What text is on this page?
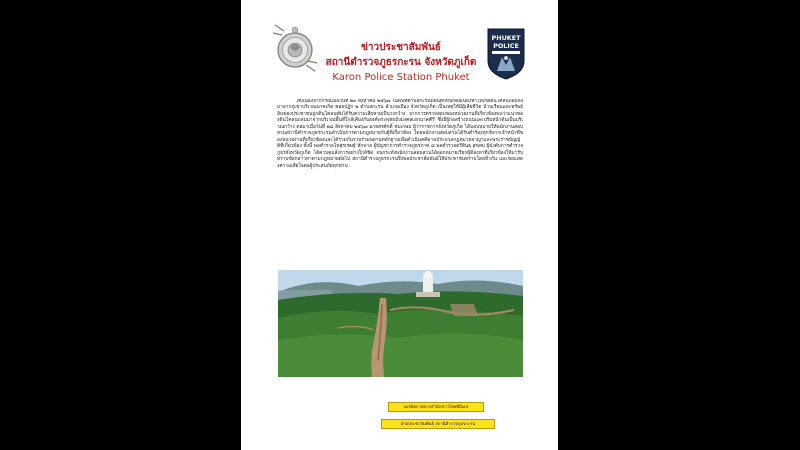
ข่าวประชาสัมพันธ์
สถานีตำรวจภูธรกะรน จังหวัดภูเก็ต
Karon Police Station Phuket
PHUKET
POLICE
สืบเนื่องจากกรณีเมื่อวันที่ ๒๓ สิงหาคม ๒๕๖๗ ในพื้นที่ตำบลกะรนมีฝนตกหนักต่อเนื่องทำให้เกิดดินโคลนถล่มลงมาจากภูเขาบริเวณนาคเกิด ซอยปฏัก ๒ ตำบลกะรน อำเภอเมือง จังหวัดภูเก็ต เป็นเหตุให้มีผู้เสียชีวิต บ้านเรือนและทรัพย์สินของประชาชนถูกดินโคลนทับได้รับความเสียหายเป็นวงกว้าง จากการตรวจสอบของหน่วยงานที่เกี่ยวข้องพบว่าแนวของดินโคลนถล่มมาจากบริเวณพื้นที่ใกล้เคียงกับองค์พระพุทธมิ่งมงคลเอกนาคคีรี ซึ่งมีผู้ก่อสร้างถนนและปรับหน้าดินเป็นบริเวณกว้าง ต่อมาเมื่อวันที่ ๒๘ สิงหาคม ๒๕๖๗ นายสรศักดิ์ ชมเกษม ผู้ว่าราชการจังหวัดภูเก็ต ได้มอบหมายให้พนักงานสอบสวนสถานีตำรวจภูธรกะรนดำเนินการตามกฎหมายกับผู้ที่เกี่ยวข้อง โดยพนักงานสอบสวนได้รับคำร้องทุกข์จากเจ้าหน้าที่ของหน่วยงานที่เกี่ยวข้องและได้ร่วมกันรวบรวมพยานหลักฐานเพื่อดำเนินคดีตามประมวลกฎหมายอาญาและพระราชบัญญัติที่เกี่ยวข้อง ทั้งนี้ พลตำรวจโทสุรเชษฐ์ หักพาล ผู้บัญชาการตำรวจภูธรภาค ๘ พลตำรวจตรีสินธุ สุขสม ผู้บังคับการตำรวจภูธรจังหวัดภูเก็ต ได้ควบคุมสั่งการอย่างใกล้ชิด จนกระทั่งพนักงานสอบสวนได้ออกหมายเรียกผู้ต้องหาที่เกี่ยวข้องให้มารับทราบข้อกล่าวหาตามกฎหมายต่อไป สถานีตำรวจภูธรกะรนจึงขอประชาสัมพันธ์ให้ประชาชนทราบโดยทั่วกัน และขอแสดงความเสียใจต่อผู้ประสบภัยทุกท่าน
เครดิตภาพจากสำนักข่าวไทยพีบีเอส
ฝ่ายประชาสัมพันธ์ สถานีตำรวจภูธรกะรน
